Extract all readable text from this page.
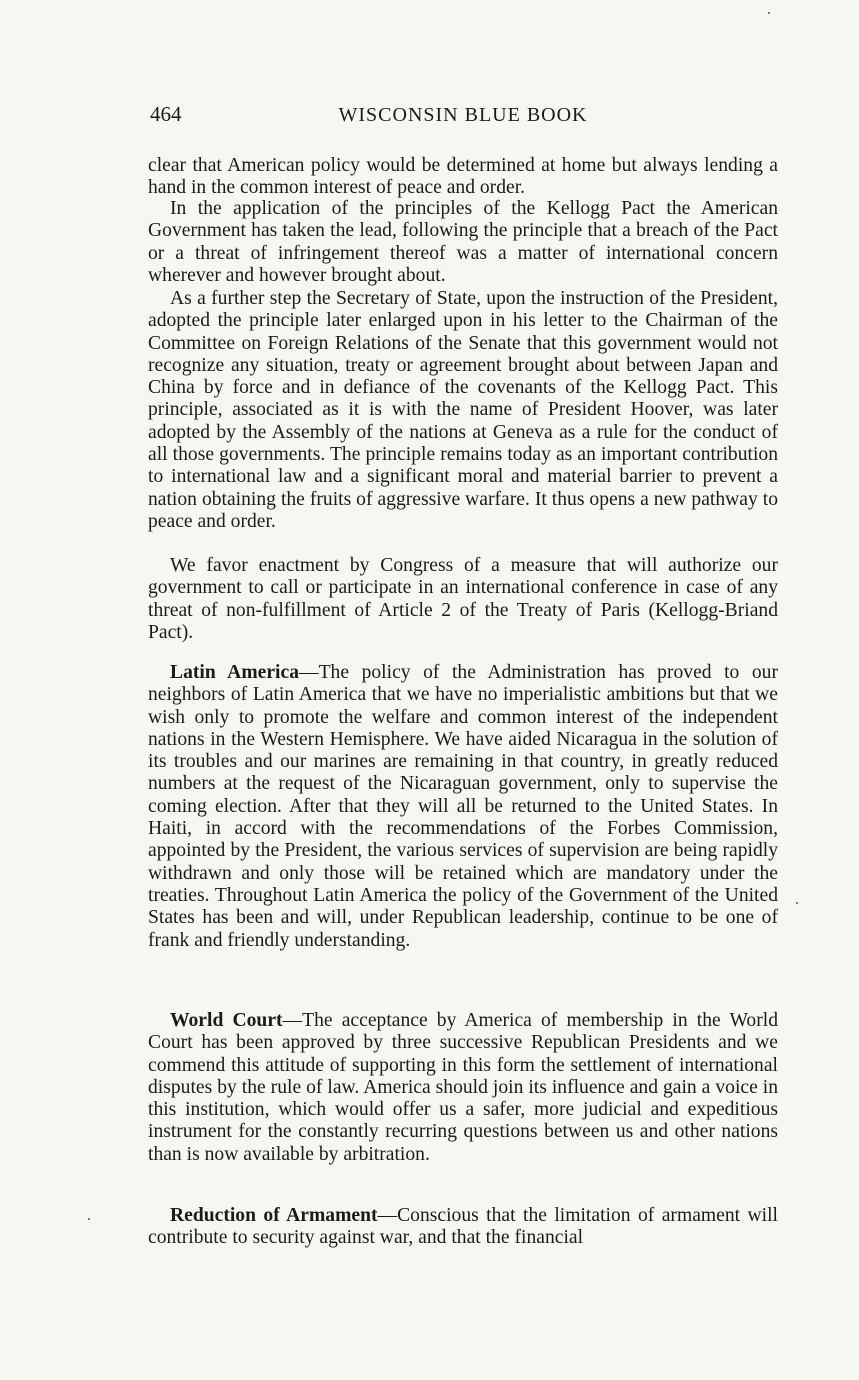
464	WISCONSIN BLUE BOOK

clear that American policy would be determined at home but always lending a hand in the common interest of peace and order.

In the application of the principles of the Kellogg Pact the American Government has taken the lead, following the principle that a breach of the Pact or a threat of infringement thereof was a matter of international concern wherever and however brought about.

As a further step the Secretary of State, upon the instruction of the President, adopted the principle later enlarged upon in his letter to the Chairman of the Committee on Foreign Relations of the Senate that this government would not recognize any situation, treaty or agreement brought about between Japan and China by force and in defiance of the covenants of the Kellogg Pact. This principle, associated as it is with the name of President Hoover, was later adopted by the Assembly of the nations at Geneva as a rule for the conduct of all those governments. The principle remains today as an important contribution to international law and a significant moral and material barrier to prevent a nation obtaining the fruits of aggressive warfare. It thus opens a new pathway to peace and order.

We favor enactment by Congress of a measure that will authorize our government to call or participate in an international conference in case of any threat of non-fulfillment of Article 2 of the Treaty of Paris (Kellogg-Briand Pact).

Latin America—The policy of the Administration has proved to our neighbors of Latin America that we have no imperialistic ambitions but that we wish only to promote the welfare and common interest of the independent nations in the Western Hemisphere. We have aided Nicaragua in the solution of its troubles and our marines are remaining in that country, in greatly reduced numbers at the request of the Nicaraguan government, only to supervise the coming election. After that they will all be returned to the United States. In Haiti, in accord with the recommendations of the Forbes Commission, appointed by the President, the various services of supervision are being rapidly withdrawn and only those will be retained which are mandatory under the treaties. Throughout Latin America the policy of the Government of the United States has been and will, under Republican leadership, continue to be one of frank and friendly understanding.

World Court—The acceptance by America of membership in the World Court has been approved by three successive Republican Presidents and we commend this attitude of supporting in this form the settlement of international disputes by the rule of law. America should join its influence and gain a voice in this institution, which would offer us a safer, more judicial and expeditious instrument for the constantly recurring questions between us and other nations than is now available by arbitration.

Reduction of Armament—Conscious that the limitation of armament will contribute to security against war, and that the financial
